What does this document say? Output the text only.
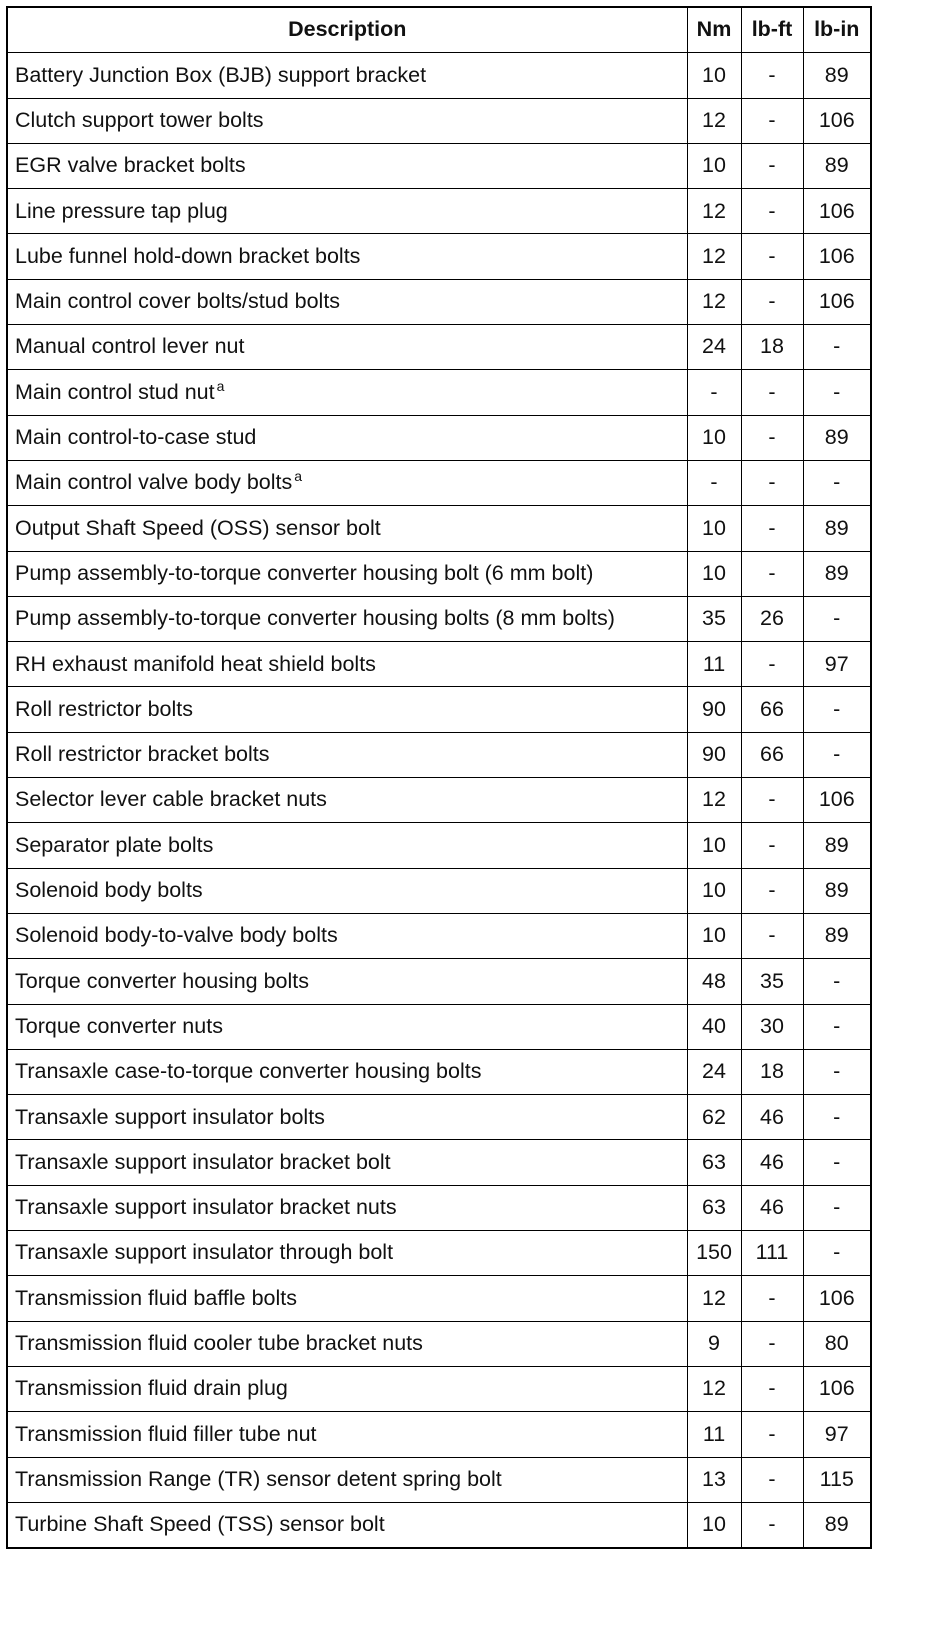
Description	Nm	lb-ft	lb-in
Battery Junction Box (BJB) support bracket	10	-	89
Clutch support tower bolts	12	-	106
EGR valve bracket bolts	10	-	89
Line pressure tap plug	12	-	106
Lube funnel hold-down bracket bolts	12	-	106
Main control cover bolts/stud bolts	12	-	106
Manual control lever nut	24	18	-
Main control stud nut $^a$	-	-	-
Main control-to-case stud	10	-	89
Main control valve body bolts $^a$	-	-	-
Output Shaft Speed (OSS) sensor bolt	10	-	89
Pump assembly-to-torque converter housing bolt (6 mm bolt)	10	-	89
Pump assembly-to-torque converter housing bolts (8 mm bolts)	35	26	-
RH exhaust manifold heat shield bolts	11	-	97
Roll restrictor bolts	90	66	-
Roll restrictor bracket bolts	90	66	-
Selector lever cable bracket nuts	12	-	106
Separator plate bolts	10	-	89
Solenoid body bolts	10	-	89
Solenoid body-to-valve body bolts	10	-	89
Torque converter housing bolts	48	35	-
Torque converter nuts	40	30	-
Transaxle case-to-torque converter housing bolts	24	18	-
Transaxle support insulator bolts	62	46	-
Transaxle support insulator bracket bolt	63	46	-
Transaxle support insulator bracket nuts	63	46	-
Transaxle support insulator through bolt	150	111	-
Transmission fluid baffle bolts	12	-	106
Transmission fluid cooler tube bracket nuts	9	-	80
Transmission fluid drain plug	12	-	106
Transmission fluid filler tube nut	11	-	97
Transmission Range (TR) sensor detent spring bolt	13	-	115
Turbine Shaft Speed (TSS) sensor bolt	10	-	89
